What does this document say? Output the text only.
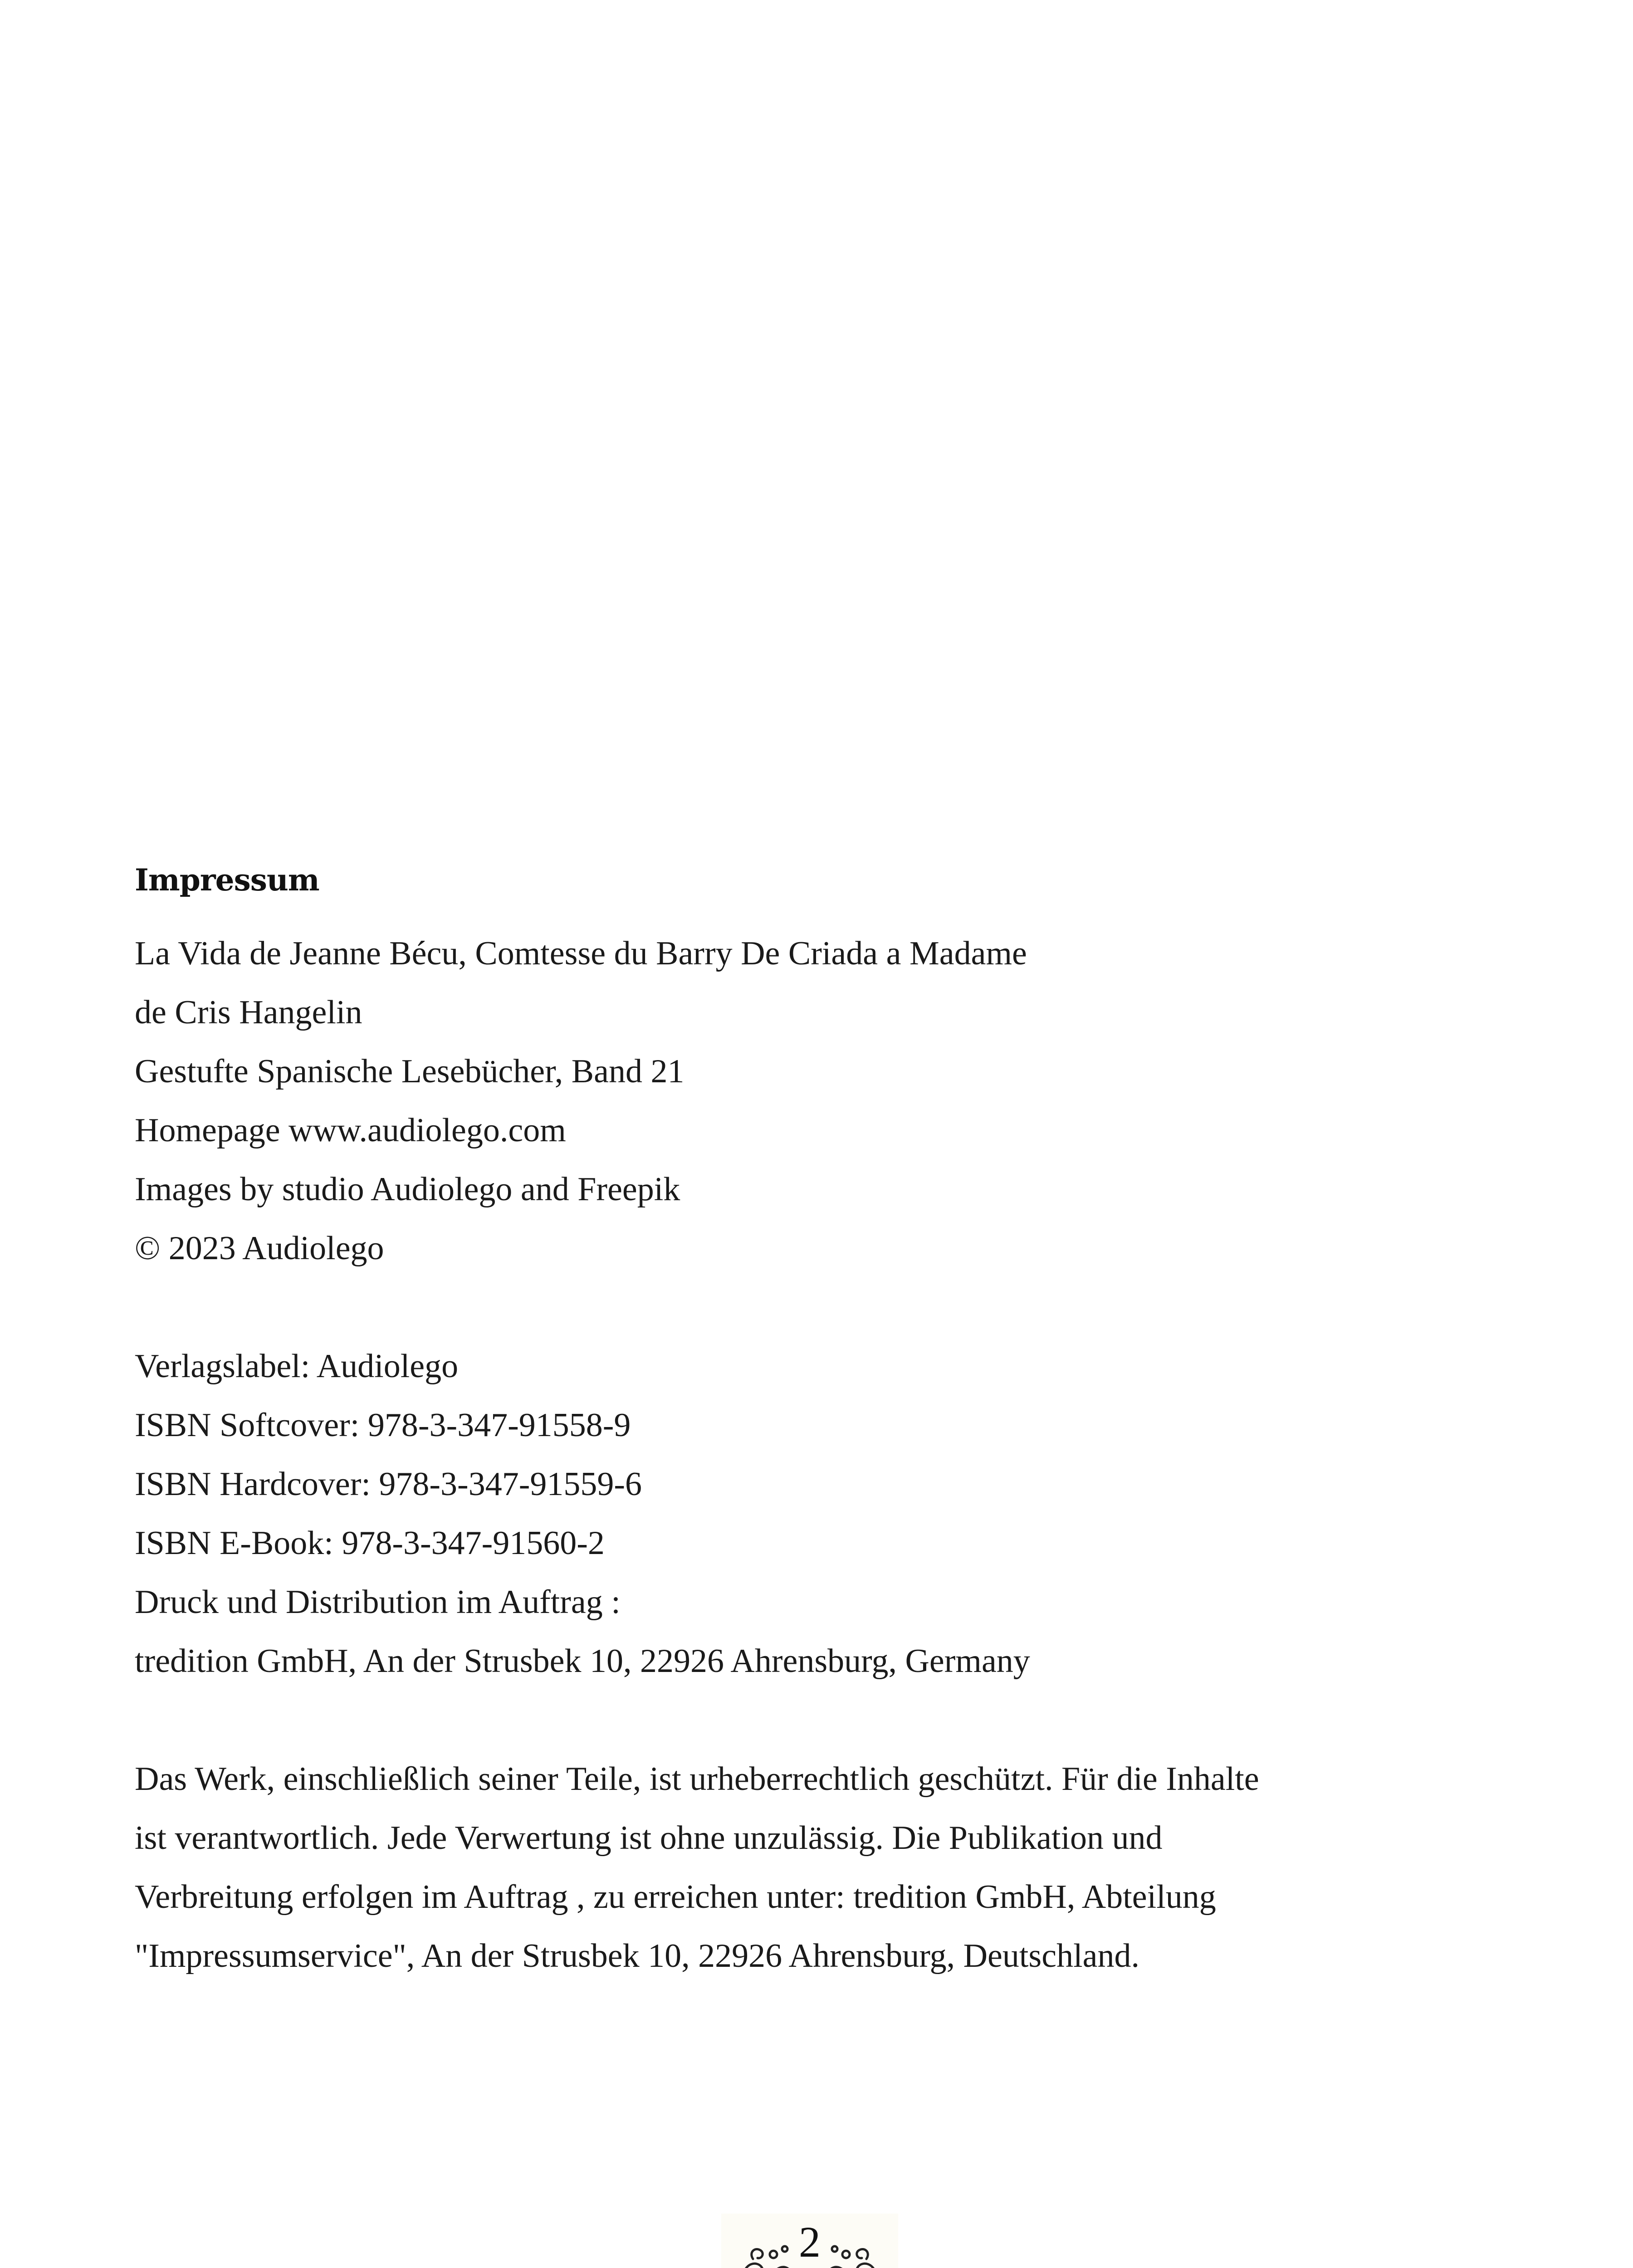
Impressum

La Vida de Jeanne Bécu, Comtesse du Barry De Criada a Madame

de Cris Hangelin

Gestufte Spanische Lesebücher, Band 21

Homepage www.audiolego.com

Images by studio Audiolego and Freepik

© 2023 Audiolego

Verlagslabel: Audiolego

ISBN Softcover: 978-3-347-91558-9

ISBN Hardcover: 978-3-347-91559-6

ISBN E-Book: 978-3-347-91560-2

Druck und Distribution im Auftrag :

tredition GmbH, An der Strusbek 10, 22926 Ahrensburg, Germany

Das Werk, einschließlich seiner Teile, ist urheberrechtlich geschützt. Für die Inhalte
ist verantwortlich. Jede Verwertung ist ohne unzulässig. Die Publikation und
Verbreitung erfolgen im Auftrag , zu erreichen unter: tredition GmbH, Abteilung
"Impressumservice", An der Strusbek 10, 22926 Ahrensburg, Deutschland.

2
